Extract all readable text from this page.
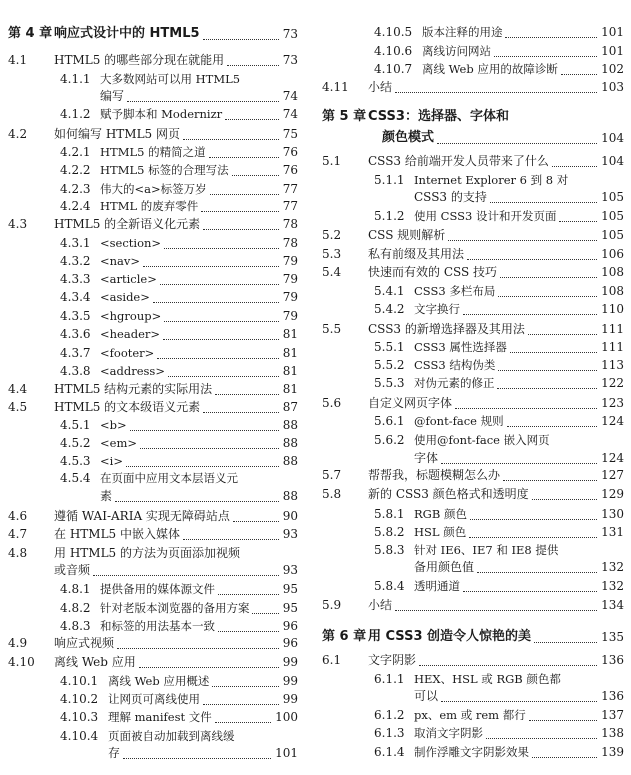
第 4 章 响应式设计中的 HTML5	73
4.1 HTML5 的哪些部分现在就能用	73
4.1.1 大多数网站可以用 HTML5
编写	74
4.1.2 赋予脚本和 Modernizr	74
4.2 如何编写 HTML5 网页	75
4.2.1 HTML5 的精简之道	76
4.2.2 HTML5 标签的合理写法	76
4.2.3 伟大的<a>标签万岁	77
4.2.4 HTML 的废弃零件	77
4.3 HTML5 的全新语义化元素	78
4.3.1 <section>	78
4.3.2 <nav>	79
4.3.3 <article>	79
4.3.4 <aside>	79
4.3.5 <hgroup>	79
4.3.6 <header>	81
4.3.7 <footer>	81
4.3.8 <address>	81
4.4 HTML5 结构元素的实际用法	81
4.5 HTML5 的文本级语义元素	87
4.5.1 <b>	88
4.5.2 <em>	88
4.5.3 <i>	88
4.5.4 在页面中应用文本层语义元
素	88
4.6 遵循 WAI-ARIA 实现无障碍站点	90
4.7 在 HTML5 中嵌入媒体	93
4.8 用 HTML5 的方法为页面添加视频
或音频	93
4.8.1 提供备用的媒体源文件	95
4.8.2 针对老版本浏览器的备用方案	95
4.8.3 和标签的用法基本一致	96
4.9 响应式视频	96
4.10 离线 Web 应用	99
4.10.1 离线 Web 应用概述	99
4.10.2 让网页可离线使用	99
4.10.3 理解 manifest 文件	100
4.10.4 页面被自动加载到离线缓
存	101
4.10.5 版本注释的用途	101
4.10.6 离线访问网站	101
4.10.7 离线 Web 应用的故障诊断	102
4.11 小结	103
第 5 章 CSS3：选择器、字体和
颜色模式	104
5.1 CSS3 给前端开发人员带来了什么	104
5.1.1 Internet Explorer 6 到 8 对
CSS3 的支持	105
5.1.2 使用 CSS3 设计和开发页面	105
5.2 CSS 规则解析	105
5.3 私有前缀及其用法	106
5.4 快速而有效的 CSS 技巧	108
5.4.1 CSS3 多栏布局	108
5.4.2 文字换行	110
5.5 CSS3 的新增选择器及其用法	111
5.5.1 CSS3 属性选择器	111
5.5.2 CSS3 结构伪类	113
5.5.3 对伪元素的修正	122
5.6 自定义网页字体	123
5.6.1 @font-face 规则	124
5.6.2 使用@font-face 嵌入网页
字体	124
5.7 帮帮我，标题模糊怎么办	127
5.8 新的 CSS3 颜色格式和透明度	129
5.8.1 RGB 颜色	130
5.8.2 HSL 颜色	131
5.8.3 针对 IE6、IE7 和 IE8 提供
备用颜色值	132
5.8.4 透明通道	132
5.9 小结	134
第 6 章 用 CSS3 创造令人惊艳的美	135
6.1 文字阴影	136
6.1.1 HEX、HSL 或 RGB 颜色都
可以	136
6.1.2 px、em 或 rem 都行	137
6.1.3 取消文字阴影	138
6.1.4 制作浮雕文字阴影效果	139
